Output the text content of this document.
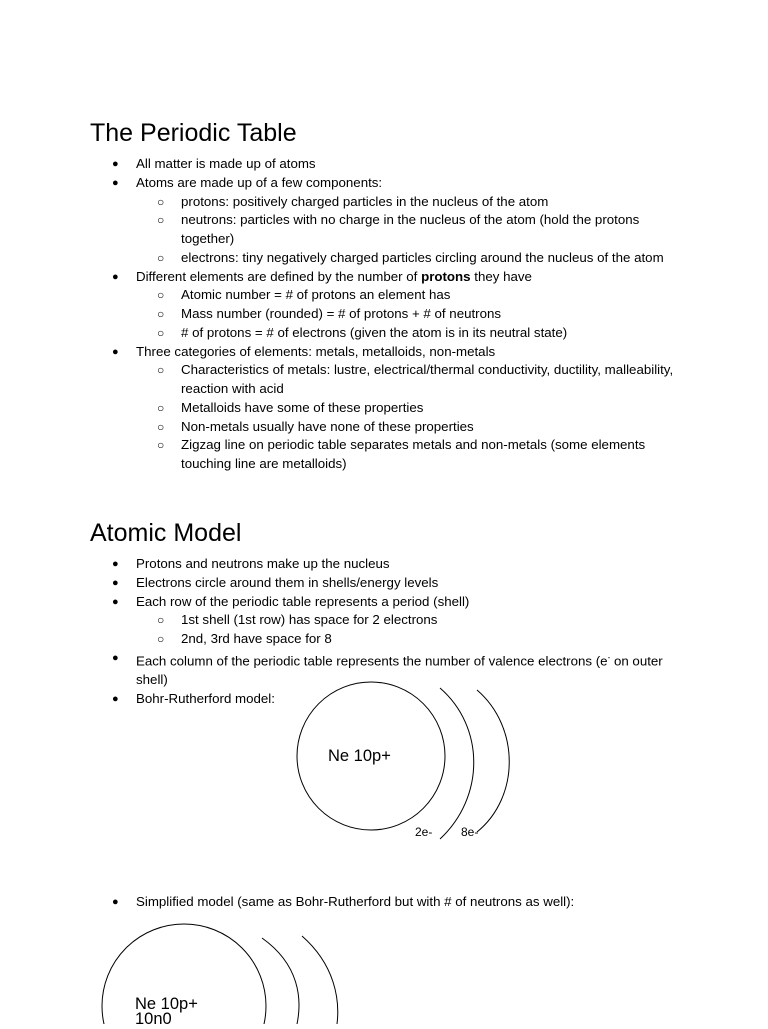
The Periodic Table
● All matter is made up of atoms
● Atoms are made up of a few components:
○ protons: positively charged particles in the nucleus of the atom
○ neutrons: particles with no charge in the nucleus of the atom (hold the protons together)
○ electrons: tiny negatively charged particles circling around the nucleus of the atom
● Different elements are defined by the number of protons they have
○ Atomic number = # of protons an element has
○ Mass number (rounded) = # of protons + # of neutrons
○ # of protons = # of electrons (given the atom is in its neutral state)
● Three categories of elements: metals, metalloids, non-metals
○ Characteristics of metals: lustre, electrical/thermal conductivity, ductility, malleability, reaction with acid
○ Metalloids have some of these properties
○ Non-metals usually have none of these properties
○ Zigzag line on periodic table separates metals and non-metals (some elements touching line are metalloids)
Atomic Model
● Protons and neutrons make up the nucleus
● Electrons circle around them in shells/energy levels
● Each row of the periodic table represents a period (shell)
○ 1st shell (1st row) has space for 2 electrons
○ 2nd, 3rd have space for 8
● Each column of the periodic table represents the number of valence electrons (e- on outer shell)
● Bohr-Rutherford model:
Ne 10p+
2e- 8e-
● Simplified model (same as Bohr-Rutherford but with # of neutrons as well):
Ne 10p+
10n0
